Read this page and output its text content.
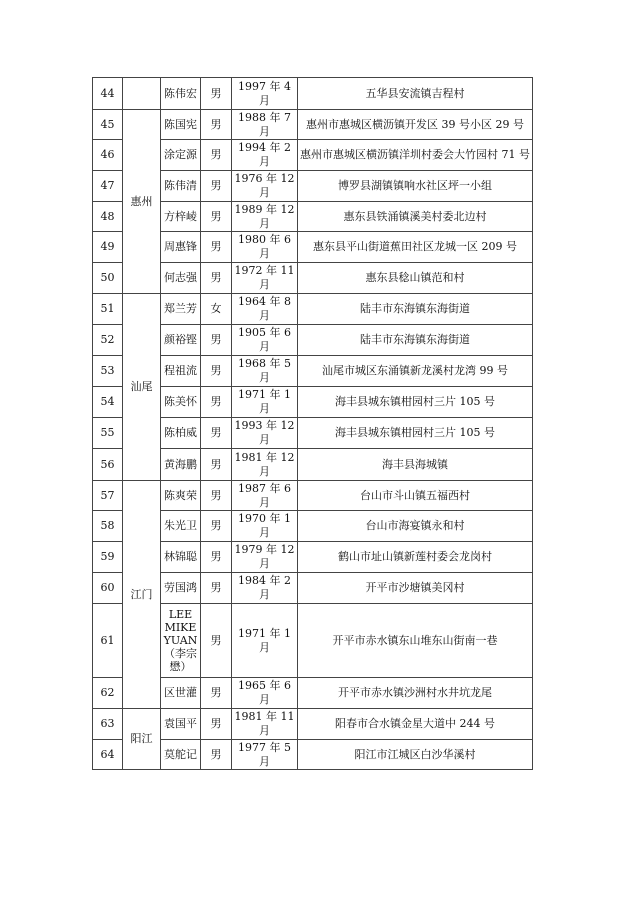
44		陈伟宏	男	1997 年 4 月	五华县安流镇吉程村
45	惠州	陈国宪	男	1988 年 7 月	惠州市惠城区横沥镇开发区 39 号小区 29 号
46		涂定源	男	1994 年 2 月	惠州市惠城区横沥镇洋圳村委会大竹园村 71 号
47		陈伟清	男	1976 年 12 月	博罗县湖镇镇响水社区坪一小组
48		方梓崚	男	1989 年 12 月	惠东县铁涌镇溪美村委北边村
49		周惠锋	男	1980 年 6 月	惠东县平山街道蕉田社区龙城一区 209 号
50		何志强	男	1972 年 11 月	惠东县稔山镇范和村
51	汕尾	郑兰芳	女	1964 年 8 月	陆丰市东海镇东海街道
52		颜裕铿	男	1905 年 6 月	陆丰市东海镇东海街道
53		程祖流	男	1968 年 5 月	汕尾市城区东涌镇新龙溪村龙湾 99 号
54		陈美怀	男	1971 年 1 月	海丰县城东镇柑园村三片 105 号
55		陈柏威	男	1993 年 12 月	海丰县城东镇柑园村三片 105 号
56		黄海鹏	男	1981 年 12 月	海丰县海城镇
57	江门	陈爽荣	男	1987 年 6 月	台山市斗山镇五福西村
58		朱光卫	男	1970 年 1 月	台山市海宴镇永和村
59		林锦聪	男	1979 年 12 月	鹤山市址山镇新莲村委会龙岗村
60		劳国鸿	男	1984 年 2 月	开平市沙塘镇美冈村
61		LEE MIKE YUAN（李宗懋）	男	1971 年 1 月	开平市赤水镇东山堆东山街南一巷
62		区世灌	男	1965 年 6 月	开平市赤水镇沙洲村水井坑龙尾
63	阳江	袁国平	男	1981 年 11 月	阳春市合水镇金星大道中 244 号
64		莫舵记	男	1977 年 5 月	阳江市江城区白沙华溪村
